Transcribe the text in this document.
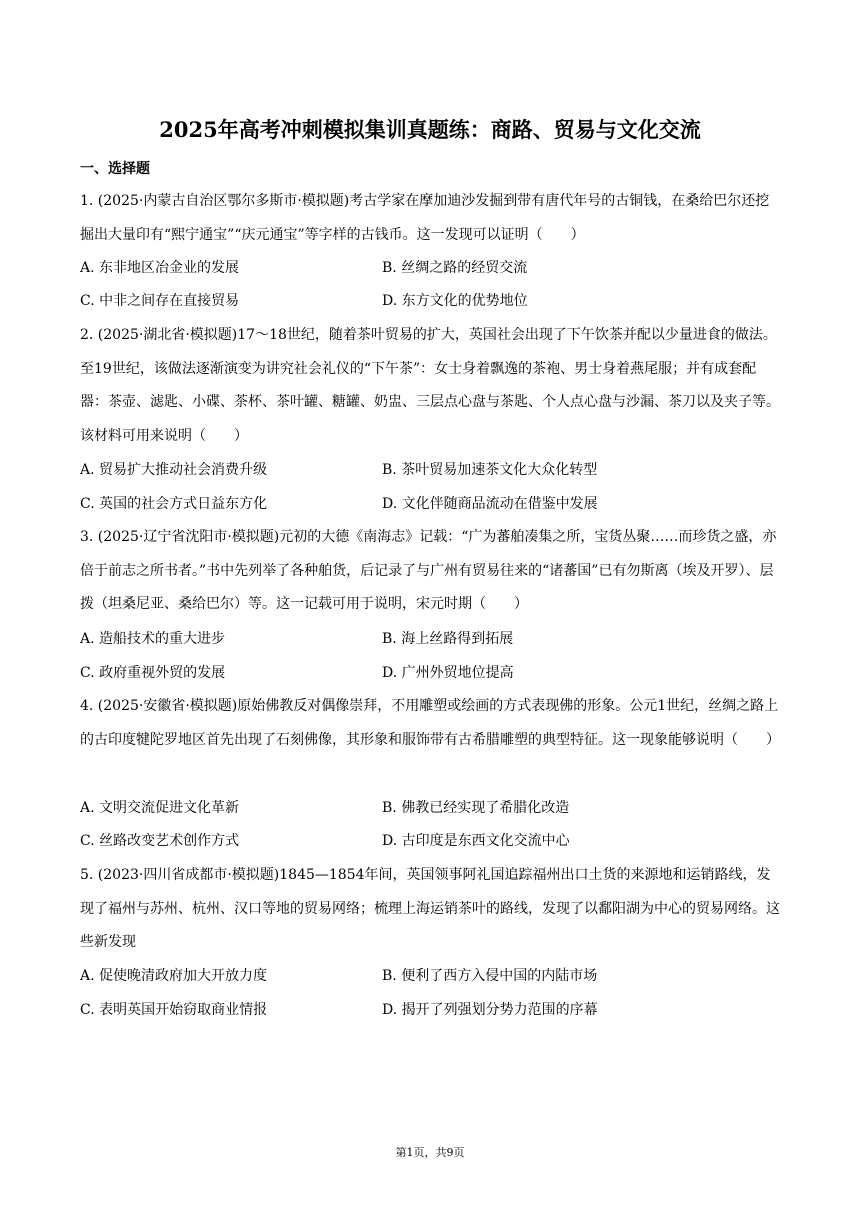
2025年高考冲刺模拟集训真题练：商路、贸易与文化交流
一、选择题
1. (2025·内蒙古自治区鄂尔多斯市·模拟题)考古学家在摩加迪沙发掘到带有唐代年号的古铜钱，在桑给巴尔还挖掘出大量印有“熙宁通宝”“庆元通宝”等字样的古钱币。这一发现可以证明（　　）
A. 东非地区冶金业的发展	B. 丝绸之路的经贸交流
C. 中非之间存在直接贸易	D. 东方文化的优势地位
2. (2025·湖北省·模拟题)17～18世纪，随着茶叶贸易的扩大，英国社会出现了下午饮茶并配以少量进食的做法。至19世纪，该做法逐渐演变为讲究社会礼仪的“下午茶”：女士身着飘逸的茶袍、男士身着燕尾服；并有成套配器：茶壶、滤匙、小碟、茶杯、茶叶罐、糖罐、奶盅、三层点心盘与茶匙、个人点心盘与沙漏、茶刀以及夹子等。该材料可用来说明（　　）
A. 贸易扩大推动社会消费升级	B. 茶叶贸易加速茶文化大众化转型
C. 英国的社会方式日益东方化	D. 文化伴随商品流动在借鉴中发展
3. (2025·辽宁省沈阳市·模拟题)元初的大德《南海志》记载：“广为蕃舶凑集之所，宝货丛聚……而珍货之盛，亦倍于前志之所书者。”书中先列举了各种舶货，后记录了与广州有贸易往来的“诸蕃国”已有勿斯离（埃及开罗）、层拨（坦桑尼亚、桑给巴尔）等。这一记载可用于说明，宋元时期（　　）
A. 造船技术的重大进步	B. 海上丝路得到拓展
C. 政府重视外贸的发展	D. 广州外贸地位提高
4. (2025·安徽省·模拟题)原始佛教反对偶像崇拜，不用雕塑或绘画的方式表现佛的形象。公元1世纪，丝绸之路上的古印度犍陀罗地区首先出现了石刻佛像，其形象和服饰带有古希腊雕塑的典型特征。这一现象能够说明（　　）
A. 文明交流促进文化革新	B. 佛教已经实现了希腊化改造
C. 丝路改变艺术创作方式	D. 古印度是东西文化交流中心
5. (2023·四川省成都市·模拟题)1845—1854年间，英国领事阿礼国追踪福州出口土货的来源地和运销路线，发现了福州与苏州、杭州、汉口等地的贸易网络；梳理上海运销茶叶的路线，发现了以鄱阳湖为中心的贸易网络。这些新发现
A. 促使晚清政府加大开放力度	B. 便利了西方入侵中国的内陆市场
C. 表明英国开始窃取商业情报	D. 揭开了列强划分势力范围的序幕
第1页，共9页
